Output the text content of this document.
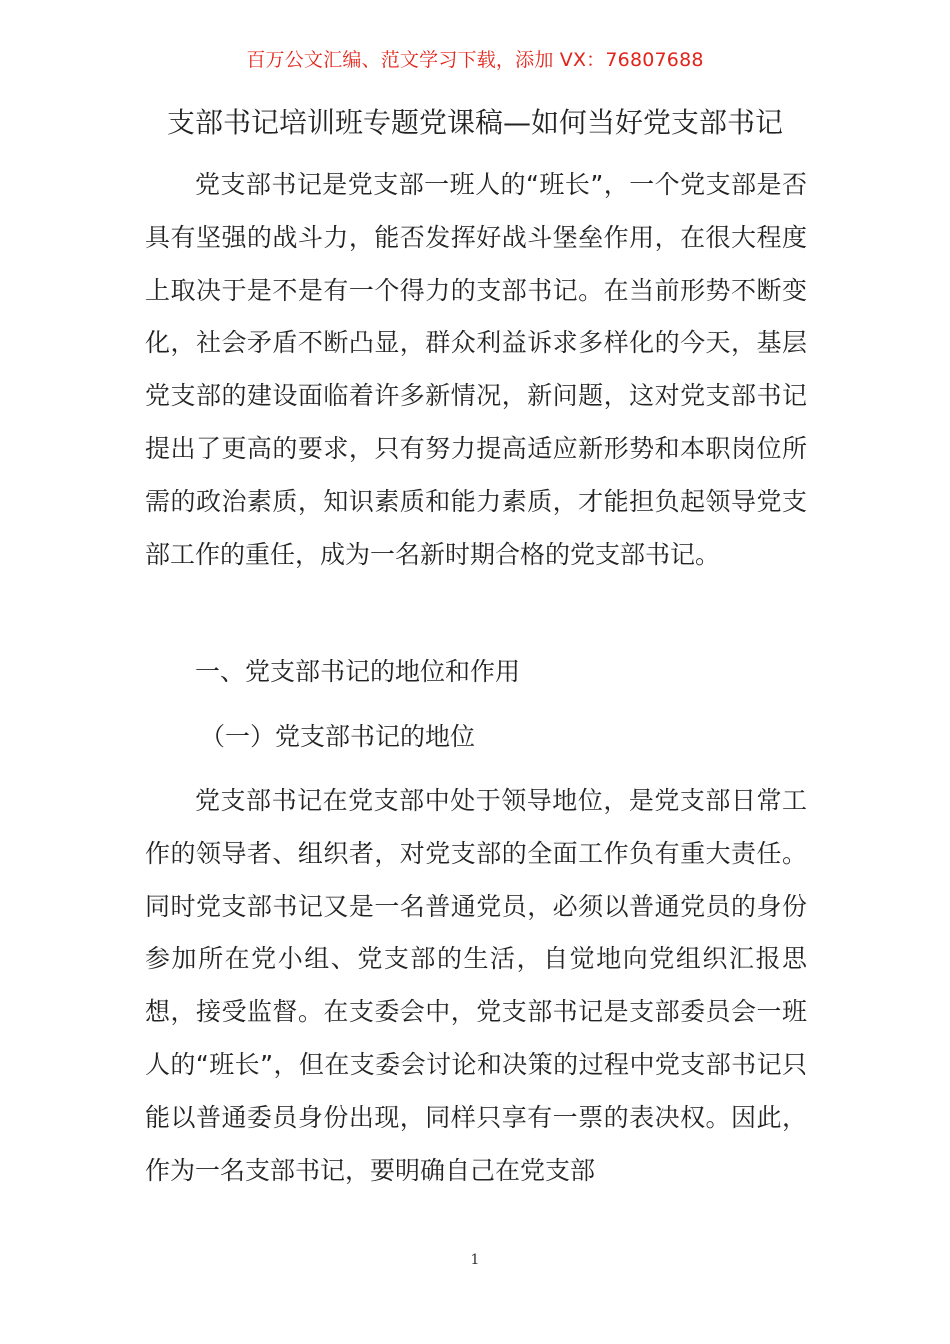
百万公文汇编、范文学习下载，添加 VX：76807688
支部书记培训班专题党课稿—如何当好党支部书记

党支部书记是党支部一班人的“班长”，一个党支部是否具有坚强的战斗力，能否发挥好战斗堡垒作用，在很大程度上取决于是不是有一个得力的支部书记。在当前形势不断变化，社会矛盾不断凸显，群众利益诉求多样化的今天，基层党支部的建设面临着许多新情况，新问题，这对党支部书记提出了更高的要求，只有努力提高适应新形势和本职岗位所需的政治素质，知识素质和能力素质，才能担负起领导党支部工作的重任，成为一名新时期合格的党支部书记。

一、党支部书记的地位和作用
（一）党支部书记的地位

党支部书记在党支部中处于领导地位，是党支部日常工作的领导者、组织者，对党支部的全面工作负有重大责任。同时党支部书记又是一名普通党员，必须以普通党员的身份参加所在党小组、党支部的生活，自觉地向党组织汇报思想，接受监督。在支委会中，党支部书记是支部委员会一班人的“班长”，但在支委会讨论和决策的过程中党支部书记只能以普通委员身份出现，同样只享有一票的表决权。因此，作为一名支部书记，要明确自己在党支部

1
